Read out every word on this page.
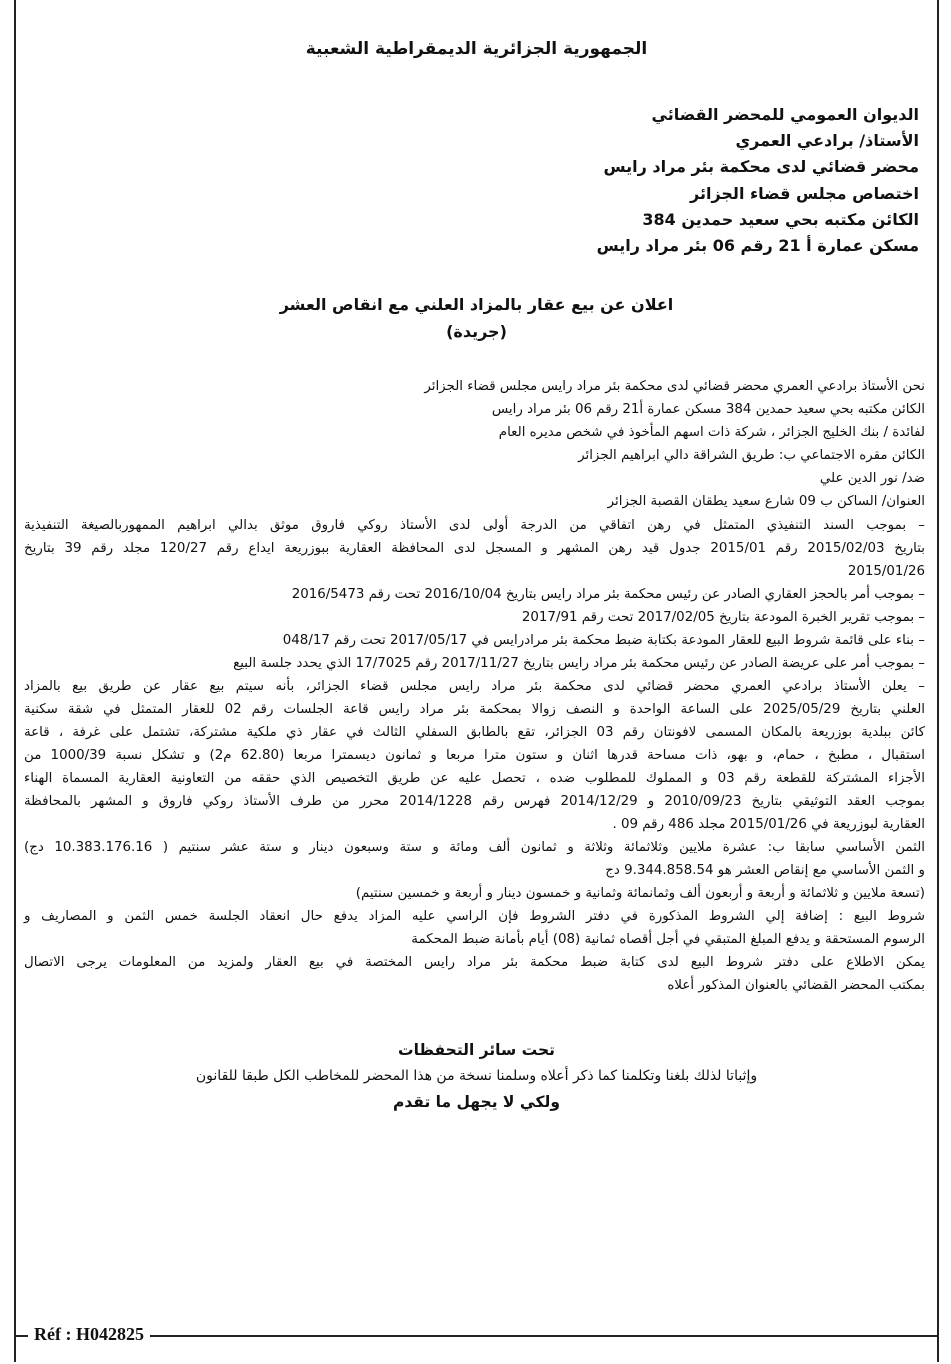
الجمهورية الجزائرية الديمقراطية الشعبية

الديوان العمومي للمحضر القضائي

الأستاذ/ برادعي العمري

محضر قضائي لدى محكمة بئر مراد رايس

اختصاص مجلس قضاء الجزائر

الكائن مكتبه بحي سعيد حمدين 384

مسكن عمارة أ 21 رقم 06 بئر مراد رايس

اعلان عن بيع عقار بالمزاد العلني مع انقاص العشر
(جريدة)

نحن الأستاذ برادعي العمري محضر قضائي لدى محكمة بئر مراد رايس مجلس قضاء الجزائر

الكائن مكتبه بحي سعيد حمدين 384 مسكن عمارة أ21 رقم 06 بئر مراد رايس

لفائدة / بنك الخليج الجزائر ، شركة ذات اسهم المأخوذ في شخص مديره العام

الكائن مقره الاجتماعي ب: طريق الشراقة دالي ابراهيم الجزائر

ضد/ نور الدين علي

العنوان/ الساكن ب 09 شارع سعيد يطقان القصبة الجزائر

– بموجب السند التنفيذي المتمثل في رهن اتفاقي من الدرجة أولى لدى الأستاذ روكي فاروق موثق بدالي ابراهيم الممهوربالصيغة التنفيذية

بتاريخ 2015/02/03 رقم 2015/01 جدول قيد رهن المشهر و المسجل لدى المحافظة العقارية ببوزريعة ايداع رقم 120/27 مجلد رقم 39 بتاريخ

2015/01/26

– بموجب أمر بالحجز العقاري الصادر عن رئيس محكمة بئر مراد رايس بتاريخ 2016/10/04 تحت رقم 2016/5473

– بموجب تقرير الخبرة المودعة بتاريخ 2017/02/05 تحت رقم 2017/91

– بناء على قائمة شروط البيع للعقار المودعة بكتابة ضبط محكمة بئر مرادرايس في 2017/05/17 تحت رقم 048/17

– بموجب أمر على عريضة الصادر عن رئيس محكمة بئر مراد رايس بتاريخ 2017/11/27 رقم 17/7025 الذي يحدد جلسة البيع

– يعلن الأستاذ برادعي العمري محضر قضائي لدى محكمة بئر مراد رايس مجلس قضاء الجزائر، بأنه سيتم بيع عقار عن طريق بيع بالمزاد

العلني بتاريخ 2025/05/29 على الساعة الواحدة و النصف زوالا بمحكمة بئر مراد رايس قاعة الجلسات رقم 02 للعقار المتمثل في شقة سكنية

كائن ببلدية بوزريعة بالمكان المسمى لافونتان رقم 03 الجزائر، تقع بالطابق السفلي الثالث في عقار ذي ملكية مشتركة، تشتمل على غرفة ، قاعة

استقبال ، مطبخ ، حمام، و بهو، ذات مساحة قدرها اثنان و ستون مترا مربعا و ثمانون ديسمترا مربعا (62.80 م2) و تشكل نسبة 1000/39 من

الأجزاء المشتركة للقطعة رقم 03 و المملوك للمطلوب ضده ، تحصل عليه عن طريق التخصيص الذي حققه من التعاونية العقارية المسماة الهناء

بموجب العقد التوثيقي بتاريخ 2010/09/23 و 2014/12/29 فهرس رقم 2014/1228 محرر من طرف الأستاذ روكي فاروق و المشهر بالمحافظة

العقارية لبوزريعة في 2015/01/26 مجلد 486 رقم 09 .

الثمن الأساسي سابقا ب: عشرة ملايين وثلاثمائة وثلاثة و ثمانون ألف ومائة و ستة وسبعون دينار و ستة عشر سنتيم ( 10.383.176.16 دج)

و الثمن الأساسي مع إنقاص العشر هو 9.344.858.54 دج

(تسعة ملايين و ثلاثمائة و أربعة و أربعون ألف وثمانمائة وثمانية و خمسون دينار و أربعة و خمسين سنتيم)

شروط البيع : إضافة إلي الشروط المذكورة في دفتر الشروط فإن الراسي عليه المزاد يدفع حال انعقاد الجلسة خمس الثمن و المصاريف و

الرسوم المستحقة و يدفع المبلغ المتبقي في أجل أقصاه ثمانية (08) أيام بأمانة ضبط المحكمة

يمكن الاطلاع على دفتر شروط البيع لدى كتابة ضبط محكمة بئر مراد رايس المختصة في بيع العقار ولمزيد من المعلومات يرجى الاتصال

بمكتب المحضر القضائي بالعنوان المذكور أعلاه

تحت سائر التحفظات
وإثباتا لذلك بلغنا وتكلمنا كما ذكر أعلاه وسلمنا نسخة من هذا المحضر للمخاطب الكل طبقا للقانون
ولكي لا يجهل ما تقدم
Réf : H042825
